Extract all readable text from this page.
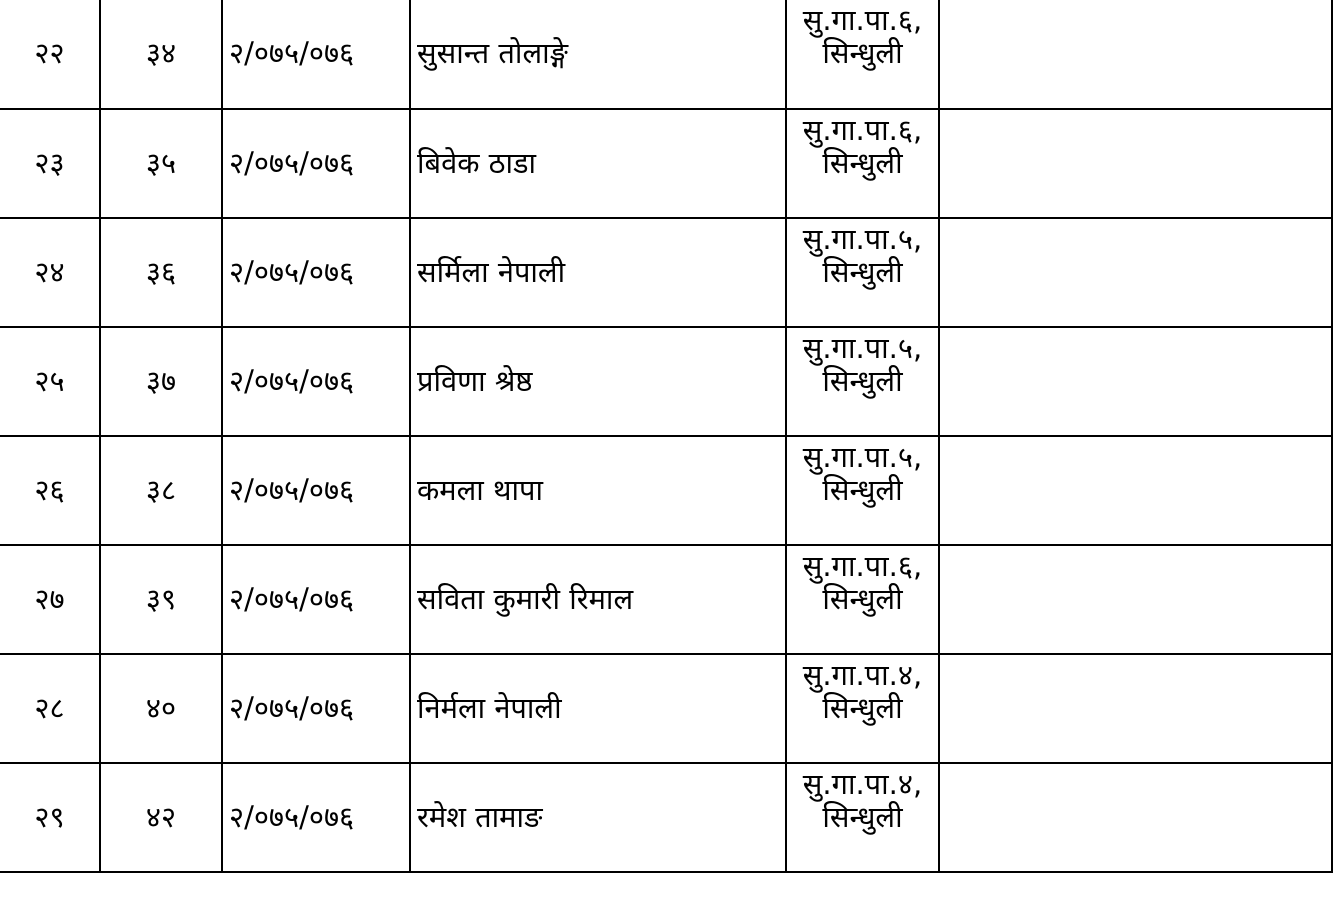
२२	३४	२/०७५/०७६	सुसान्त तोलाङ्गे	सु.गा.पा.६,
सिन्धुली	

२३	३५	२/०७५/०७६	बिवेक ठाडा	सु.गा.पा.६,
सिन्धुली	

२४	३६	२/०७५/०७६	सर्मिला नेपाली	सु.गा.पा.५,
सिन्धुली	

२५	३७	२/०७५/०७६	प्रविणा श्रेष्ठ	सु.गा.पा.५,
सिन्धुली	

२६	३८	२/०७५/०७६	कमला थापा	सु.गा.पा.५,
सिन्धुली	

२७	३९	२/०७५/०७६	सविता कुमारी रिमाल	सु.गा.पा.६,
सिन्धुली	

२८	४०	२/०७५/०७६	निर्मला नेपाली	सु.गा.पा.४,
सिन्धुली	

२९	४२	२/०७५/०७६	रमेश तामाङ	सु.गा.पा.४,
सिन्धुली	
